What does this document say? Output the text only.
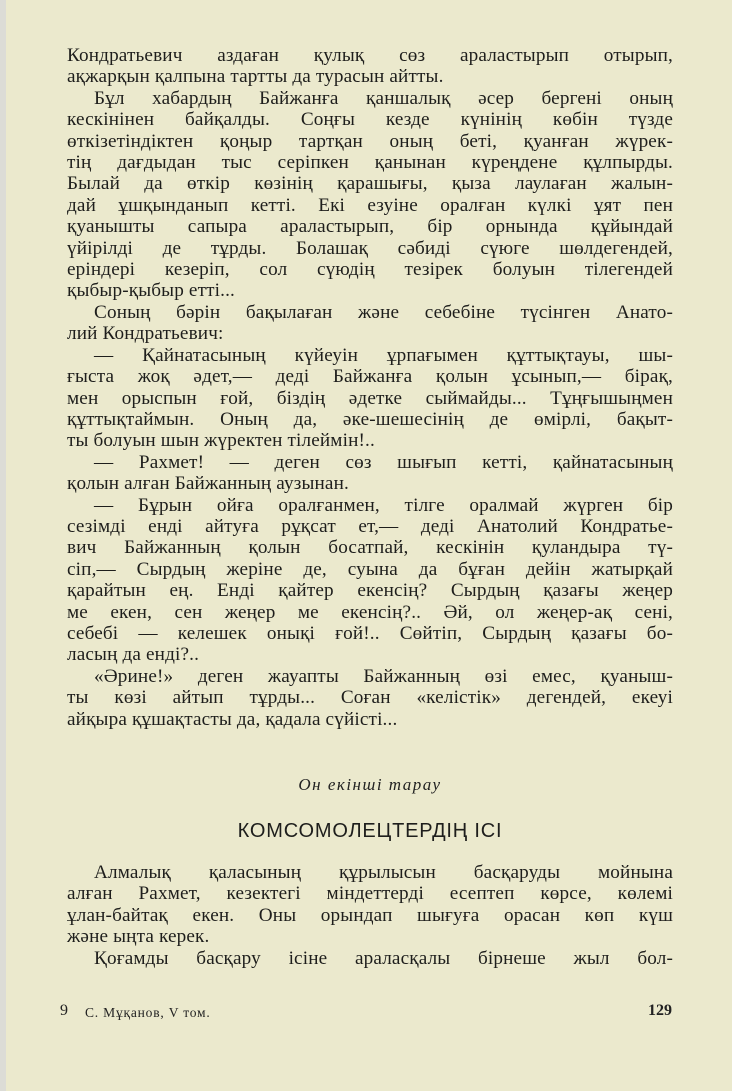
Кондратьевич аздаған қулық сөз араластырып отырып,
ақжарқын қалпына тартты да турасын айтты.
Бұл хабардың Байжанға қаншалық әсер бергені оның
кескінінен байқалды. Соңғы кезде күнінің көбін түзде
өткізетіндіктен қоңыр тартқан оның беті, қуанған жүрек-
тің дағдыдан тыс серіпкен қанынан күреңдене құлпырды.
Былай да өткір көзінің қарашығы, қыза лаулаған жалын-
дай ұшқынданып кетті. Екі езуіне оралған күлкі ұят пен
қуанышты сапыра араластырып, бір орнында құйындай
үйірілді де тұрды. Болашақ сәбиді сүюге шөлдегендей,
ерiндерi кезерiп, сол сүюдiң тезiрек болуын тiлегендей
қыбыр-қыбыр еттi...
Соның бәрін бақылаған және себебіне түсінген Анато-
лий Кондратьевич:
— Қайнатасының күйеуін ұрпағымен құттықтауы, шы-
ғыста жоқ әдет,— деді Байжанға қолын ұсынып,— бірақ,
мен орыспын ғой, біздің әдетке сыймайды... Тұңғышыңмен
құттықтаймын. Оның да, әке-шешесінің де өмірлі, бақыт-
ты болуын шын жүректен тілеймін!..
— Рахмет! — деген сөз шығып кетті, қайнатасының
қолын алған Байжанның аузынан.
— Бұрын ойға оралғанмен, тілге оралмай жүрген бір
сезімді енді айтуға рұқсат ет,— деді Анатолий Кондратье-
вич Байжанның қолын босатпай, кескінін қуландыра тү-
сіп,— Сырдың жеріне де, суына да бұған дейін жатырқай
қарайтын ең. Енді қайтер екенсің? Сырдың қазағы жеңер
ме екен, сен жеңер ме екенсің?.. Әй, ол жеңер-ақ сені,
себебі — келешек онықі ғой!.. Сөйтіп, Сырдың қазағы бо-
ласың да енді?..
«Әрине!» деген жауапты Байжанның өзі емес, қуаныш-
ты көзі айтып тұрды... Соған «келістік» дегендей, екеуі
айқыра құшақтасты да, қадала сүйісті...
Он екінші тарау
КОМСОМОЛЕЦТЕРДІҢ ІСІ
Алмалық қаласының құрылысын басқаруды мойнына
алған Рахмет, кезектегі міндеттерді есептеп көрсе, көлемі
ұлан-байтақ екен. Оны орындап шығуға орасан көп күш
және ыңта керек.
Қоғамды басқару ісіне араласқалы бірнеше жыл бол-
9 С. Мұқанов, V том.	129
